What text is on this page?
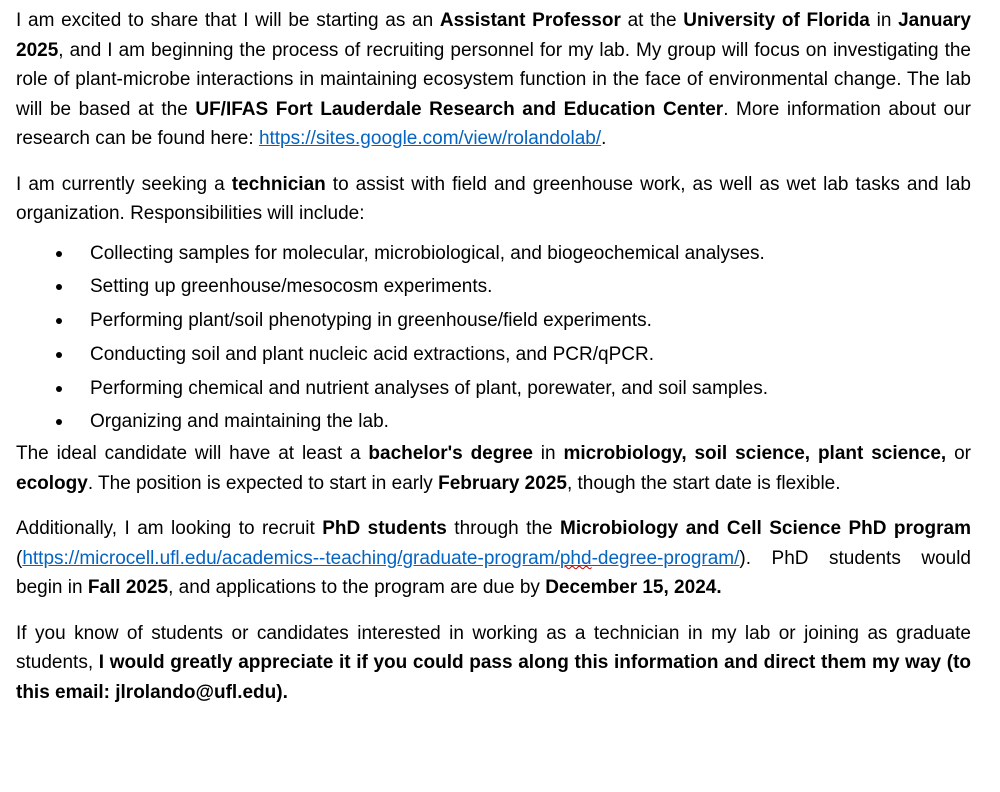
I am excited to share that I will be starting as an Assistant Professor at the University of Florida in January 2025, and I am beginning the process of recruiting personnel for my lab. My group will focus on investigating the role of plant-microbe interactions in maintaining ecosystem function in the face of environmental change. The lab will be based at the UF/IFAS Fort Lauderdale Research and Education Center. More information about our research can be found here: https://sites.google.com/view/rolandolab/.

I am currently seeking a technician to assist with field and greenhouse work, as well as wet lab tasks and lab organization. Responsibilities will include:

Collecting samples for molecular, microbiological, and biogeochemical analyses.
Setting up greenhouse/mesocosm experiments.
Performing plant/soil phenotyping in greenhouse/field experiments.
Conducting soil and plant nucleic acid extractions, and PCR/qPCR.
Performing chemical and nutrient analyses of plant, porewater, and soil samples.
Organizing and maintaining the lab.

The ideal candidate will have at least a bachelor's degree in microbiology, soil science, plant science, or ecology. The position is expected to start in early February 2025, though the start date is flexible.

Additionally, I am looking to recruit PhD students through the Microbiology and Cell Science PhD program (https://microcell.ufl.edu/academics--teaching/graduate-program/phd-degree-program/). PhD students would begin in Fall 2025, and applications to the program are due by December 15, 2024.

If you know of students or candidates interested in working as a technician in my lab or joining as graduate students, I would greatly appreciate it if you could pass along this information and direct them my way (to this email: jlrolando@ufl.edu).
